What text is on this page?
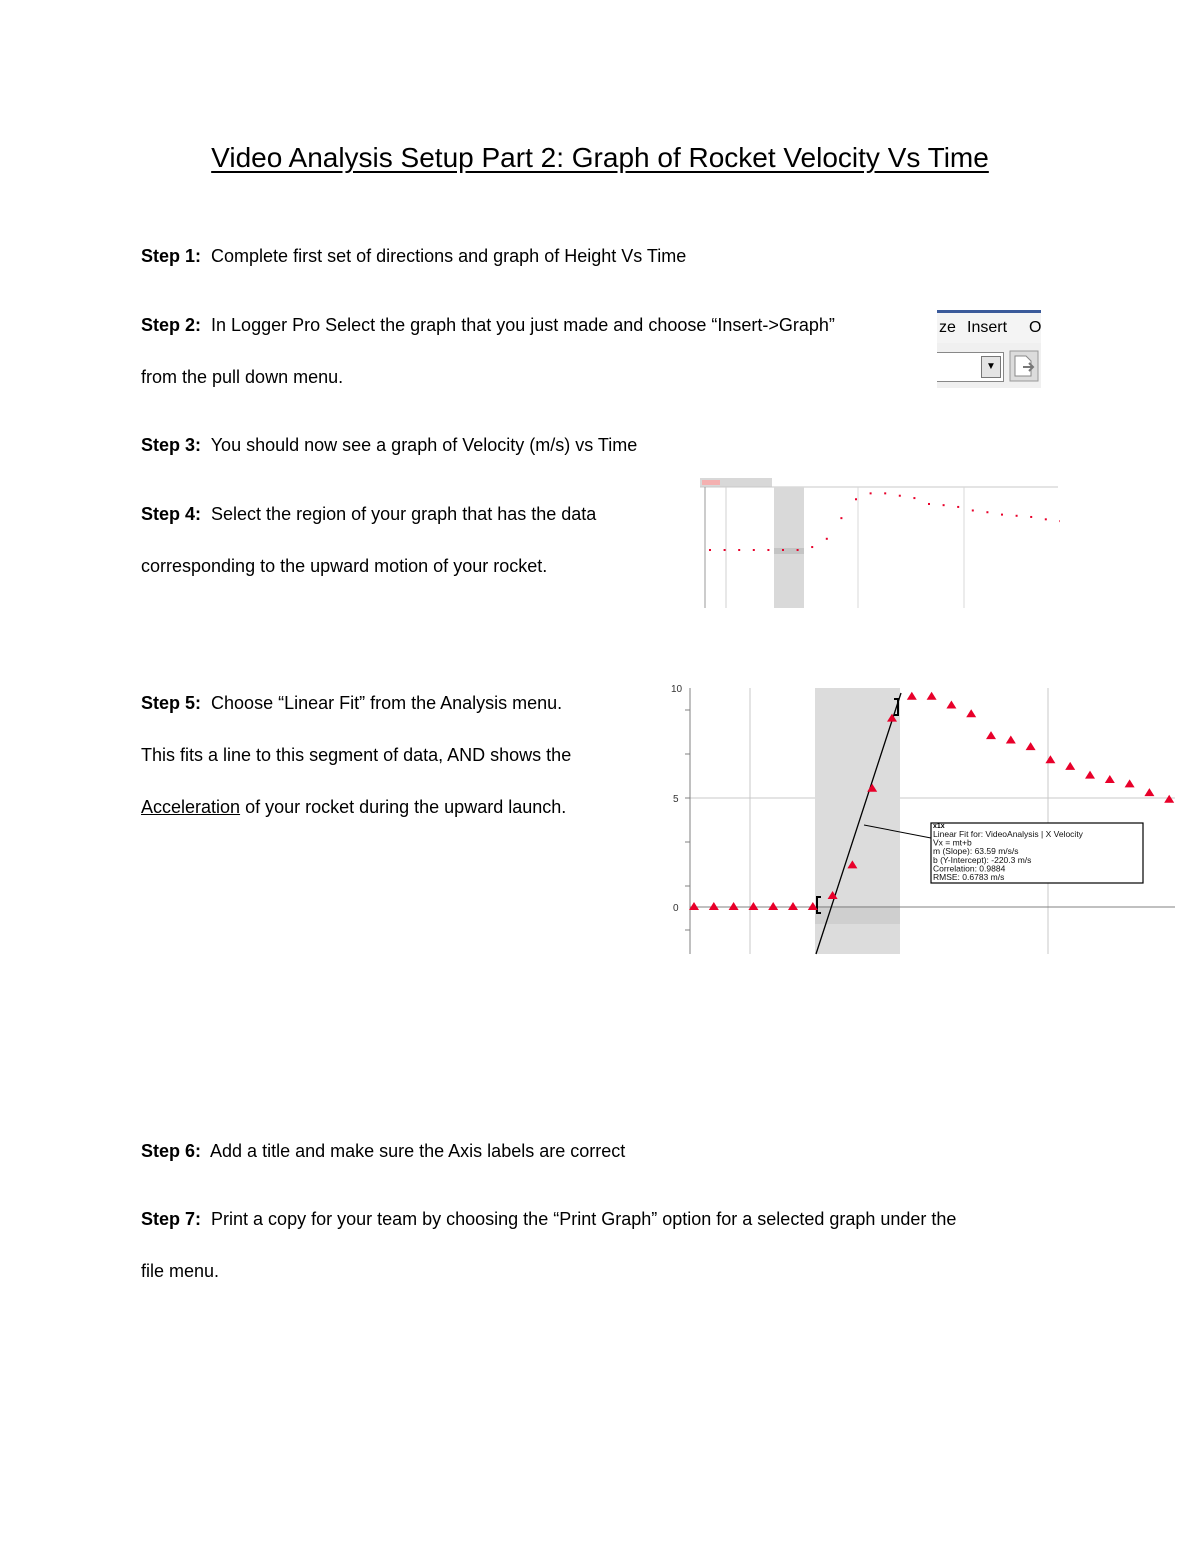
Video Analysis Setup Part 2: Graph of Rocket Velocity Vs Time
Step 1: Complete first set of directions and graph of Height Vs Time
Step 2: In Logger Pro Select the graph that you just made and choose “Insert->Graph”
from the pull down menu.
ze Insert O
▼
Step 3: You should now see a graph of Velocity (m/s) vs Time
Step 4: Select the region of your graph that has the data
corresponding to the upward motion of your rocket.
Step 5: Choose “Linear Fit” from the Analysis menu.
This fits a line to this segment of data, AND shows the
Acceleration of your rocket during the upward launch.
10
5
0
x1x
Linear Fit for: VideoAnalysis | X Velocity
Vx = mt+b
m (Slope): 63.59 m/s/s
b (Y-Intercept): -220.3 m/s
Correlation: 0.9884
RMSE: 0.6783 m/s
Step 6: Add a title and make sure the Axis labels are correct
Step 7: Print a copy for your team by choosing the “Print Graph” option for a selected graph under the
file menu.
